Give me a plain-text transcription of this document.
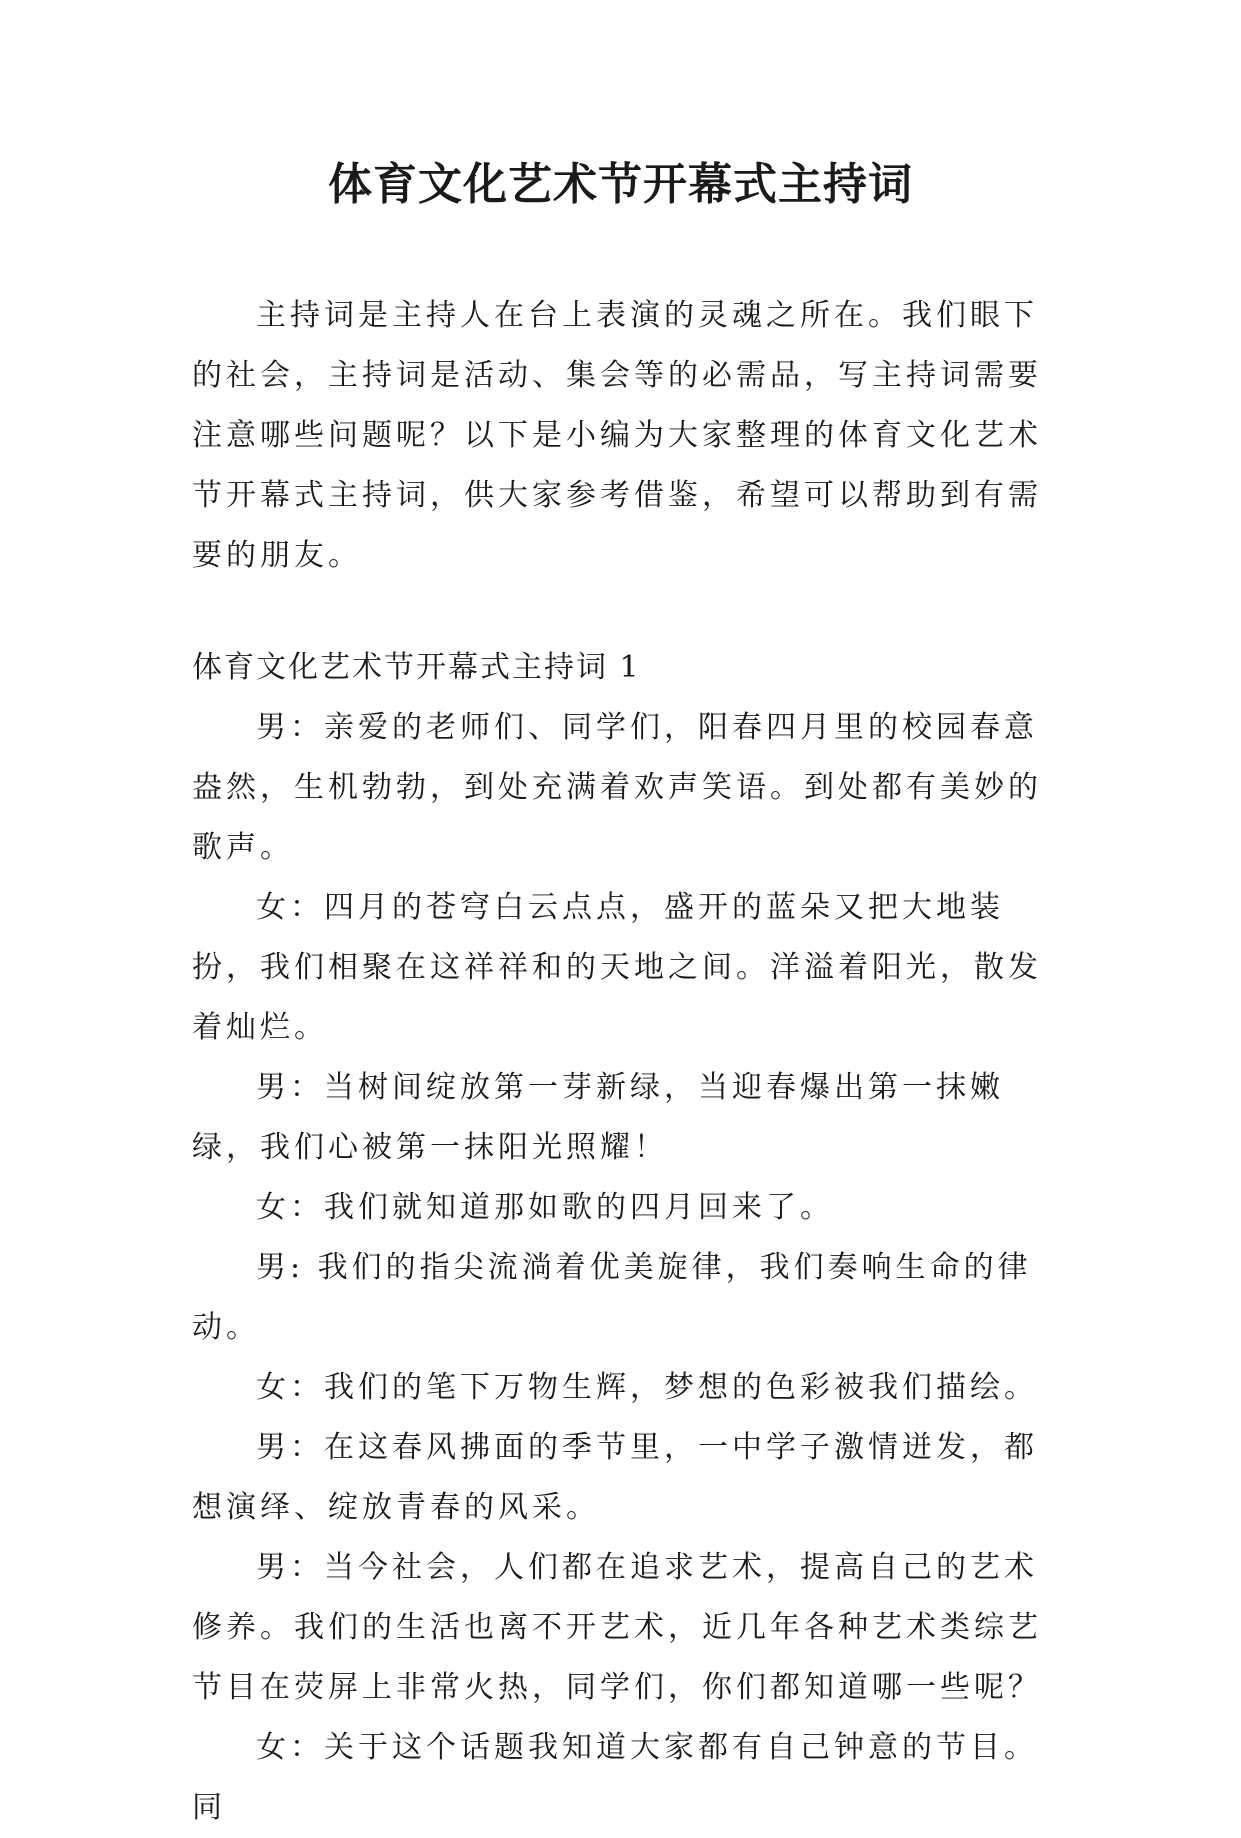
体育文化艺术节开幕式主持词

主持词是主持人在台上表演的灵魂之所在。我们眼下的社会，主持词是活动、集会等的必需品，写主持词需要注意哪些问题呢？以下是小编为大家整理的体育文化艺术节开幕式主持词，供大家参考借鉴，希望可以帮助到有需要的朋友。

体育文化艺术节开幕式主持词 1

男：亲爱的老师们、同学们，阳春四月里的校园春意盎然，生机勃勃，到处充满着欢声笑语。到处都有美妙的歌声。

女：四月的苍穹白云点点，盛开的蓝朵又把大地装扮，我们相聚在这祥祥和的天地之间。洋溢着阳光，散发着灿烂。

男：当树间绽放第一芽新绿，当迎春爆出第一抹嫩绿，我们心被第一抹阳光照耀！

女：我们就知道那如歌的四月回来了。

男: 我们的指尖流淌着优美旋律，我们奏响生命的律动。

女：我们的笔下万物生辉，梦想的色彩被我们描绘。

男：在这春风拂面的季节里，一中学子激情迸发，都想演绎、绽放青春的风采。

男：当今社会，人们都在追求艺术，提高自己的艺术修养。我们的生活也离不开艺术，近几年各种艺术类综艺节目在荧屏上非常火热，同学们，你们都知道哪一些呢？

女：关于这个话题我知道大家都有自己钟意的节目。同
